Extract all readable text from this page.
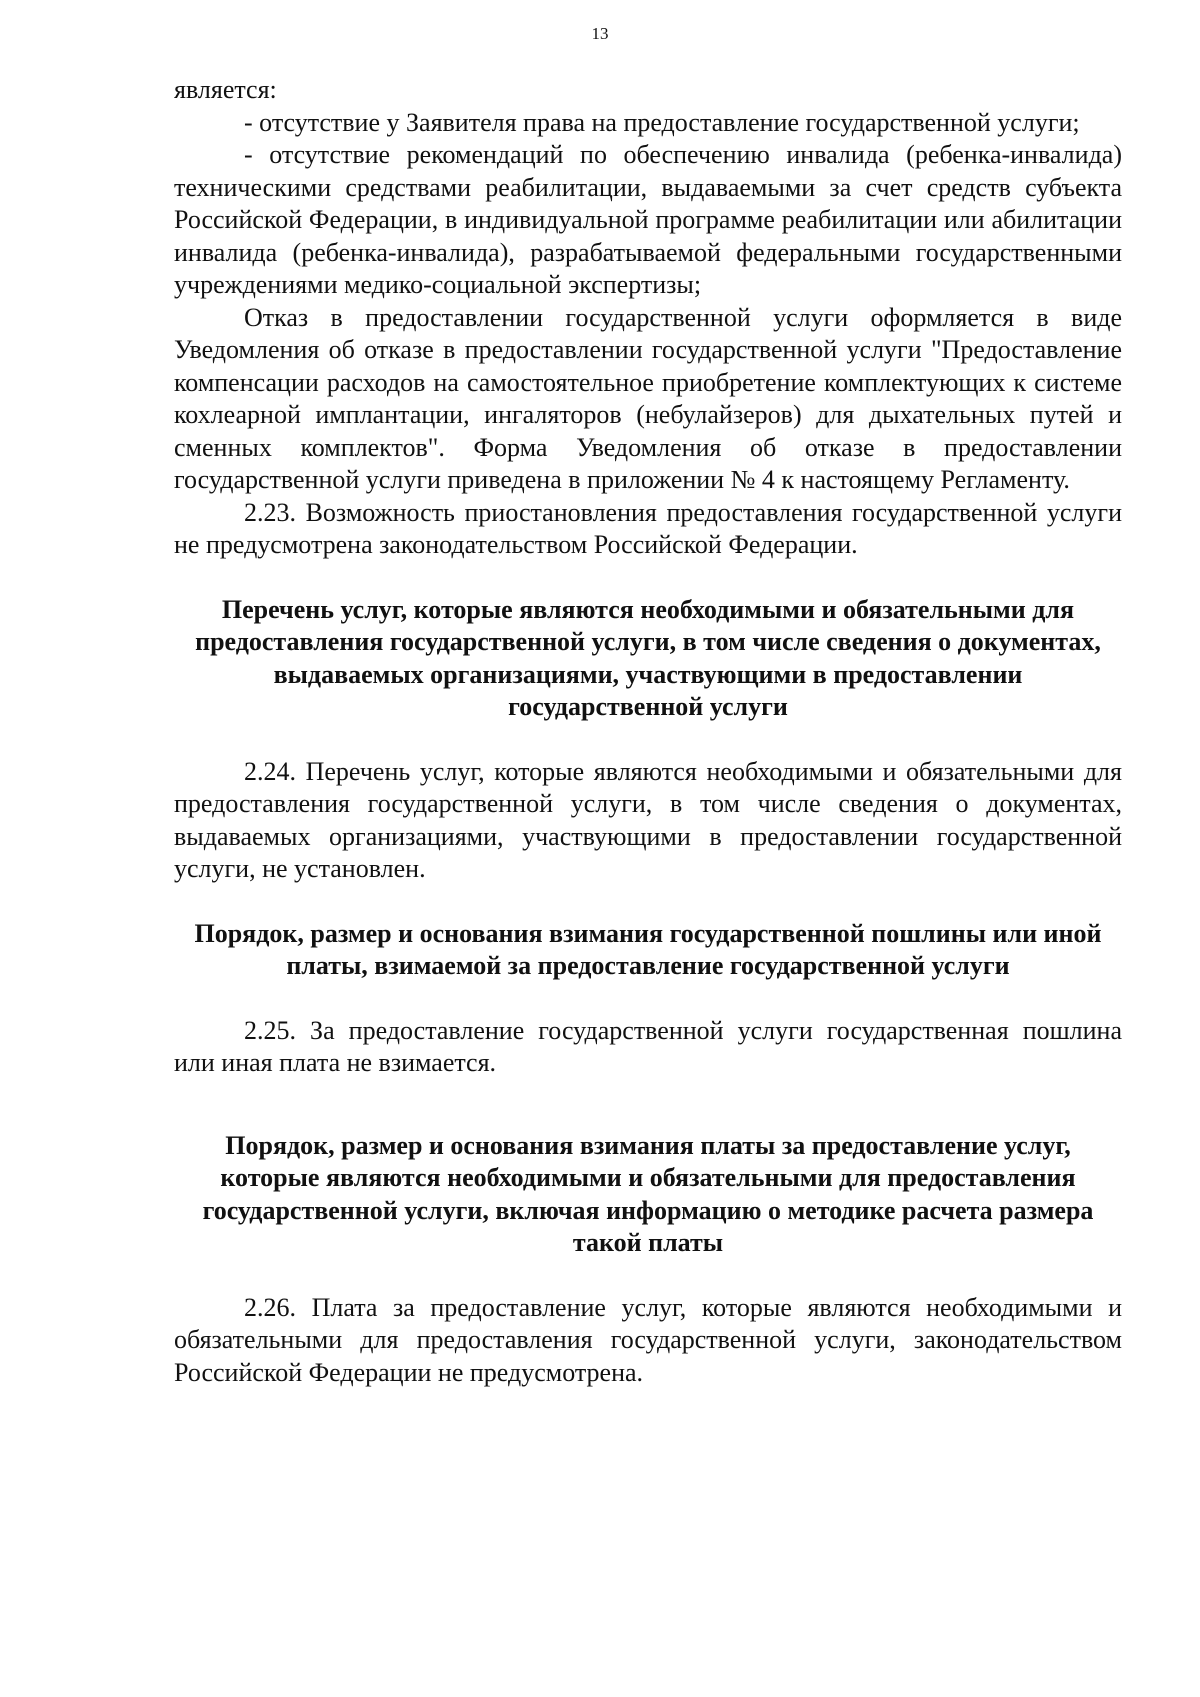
13

является:

- отсутствие у Заявителя права на предоставление государственной услуги;

- отсутствие рекомендаций по обеспечению инвалида (ребенка-инвалида) техническими средствами реабилитации, выдаваемыми за счет средств субъекта Российской Федерации, в индивидуальной программе реабилитации или абилитации инвалида (ребенка-инвалида), разрабатываемой федеральными государственными учреждениями медико-социальной экспертизы;

Отказ в предоставлении государственной услуги оформляется в виде Уведомления об отказе в предоставлении государственной услуги "Предоставление компенсации расходов на самостоятельное приобретение комплектующих к системе кохлеарной имплантации, ингаляторов (небулайзеров) для дыхательных путей и сменных комплектов". Форма Уведомления об отказе в предоставлении государственной услуги приведена в приложении № 4 к настоящему Регламенту.

2.23. Возможность приостановления предоставления государственной услуги не предусмотрена законодательством Российской Федерации.

Перечень услуг, которые являются необходимыми и обязательными для предоставления государственной услуги, в том числе сведения о документах, выдаваемых организациями, участвующими в предоставлении государственной услуги

2.24. Перечень услуг, которые являются необходимыми и обязательными для предоставления государственной услуги, в том числе сведения о документах, выдаваемых организациями, участвующими в предоставлении государственной услуги, не установлен.

Порядок, размер и основания взимания государственной пошлины или иной платы, взимаемой за предоставление государственной услуги

2.25. За предоставление государственной услуги государственная пошлина или иная плата не взимается.

Порядок, размер и основания взимания платы за предоставление услуг, которые являются необходимыми и обязательными для предоставления государственной услуги, включая информацию о методике расчета размера такой платы

2.26. Плата за предоставление услуг, которые являются необходимыми и обязательными для предоставления государственной услуги, законодательством Российской Федерации не предусмотрена.
